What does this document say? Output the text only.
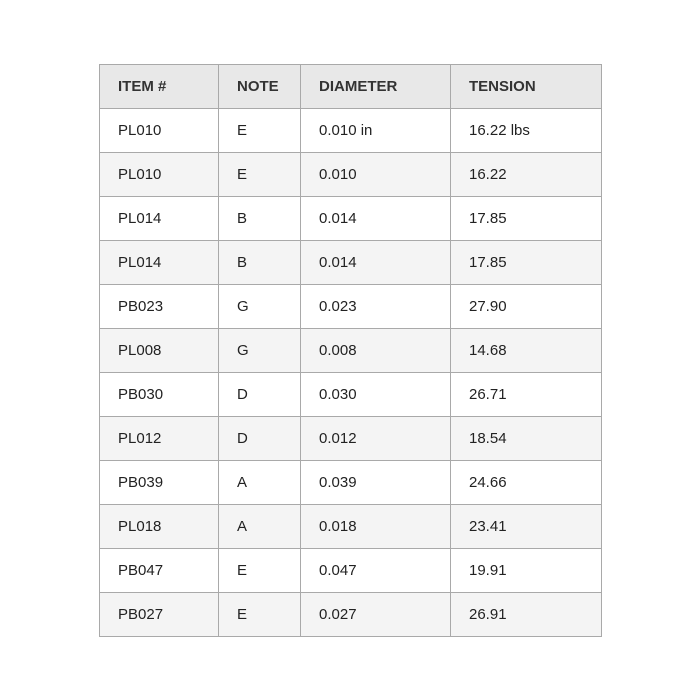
ITEM #	NOTE	DIAMETER	TENSION
PL010	E	0.010 in	16.22 lbs
PL010	E	0.010	16.22
PL014	B	0.014	17.85
PL014	B	0.014	17.85
PB023	G	0.023	27.90
PL008	G	0.008	14.68
PB030	D	0.030	26.71
PL012	D	0.012	18.54
PB039	A	0.039	24.66
PL018	A	0.018	23.41
PB047	E	0.047	19.91
PB027	E	0.027	26.91
